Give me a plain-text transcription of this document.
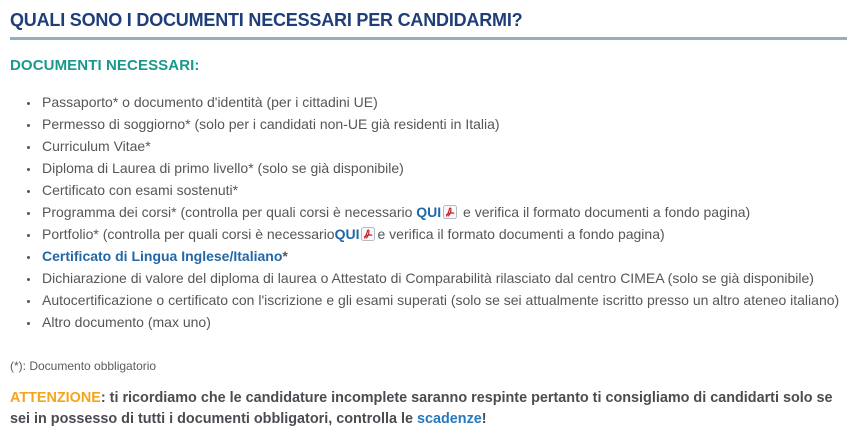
QUALI SONO I DOCUMENTI NECESSARI PER CANDIDARMI?
DOCUMENTI NECESSARI:
• Passaporto* o documento d'identità (per i cittadini UE)
• Permesso di soggiorno* (solo per i candidati non-UE già residenti in Italia)
• Curriculum Vitae*
• Diploma di Laurea di primo livello* (solo se già disponibile)
• Certificato con esami sostenuti*
• Programma dei corsi* (controlla per quali corsi è necessario QUI e verifica il formato documenti a fondo pagina)
• Portfolio* (controlla per quali corsi è necessarioQUI e verifica il formato documenti a fondo pagina)
• Certificato di Lingua Inglese/Italiano*
• Dichiarazione di valore del diploma di laurea o Attestato di Comparabilità rilasciato dal centro CIMEA (solo se già disponibile)
• Autocertificazione o certificato con l'iscrizione e gli esami superati (solo se sei attualmente iscritto presso un altro ateneo italiano)
• Altro documento (max uno)

(*): Documento obbligatorio

ATTENZIONE: ti ricordiamo che le candidature incomplete saranno respinte pertanto ti consigliamo di candidarti solo se sei in possesso di tutti i documenti obbligatori, controlla le scadenze!
